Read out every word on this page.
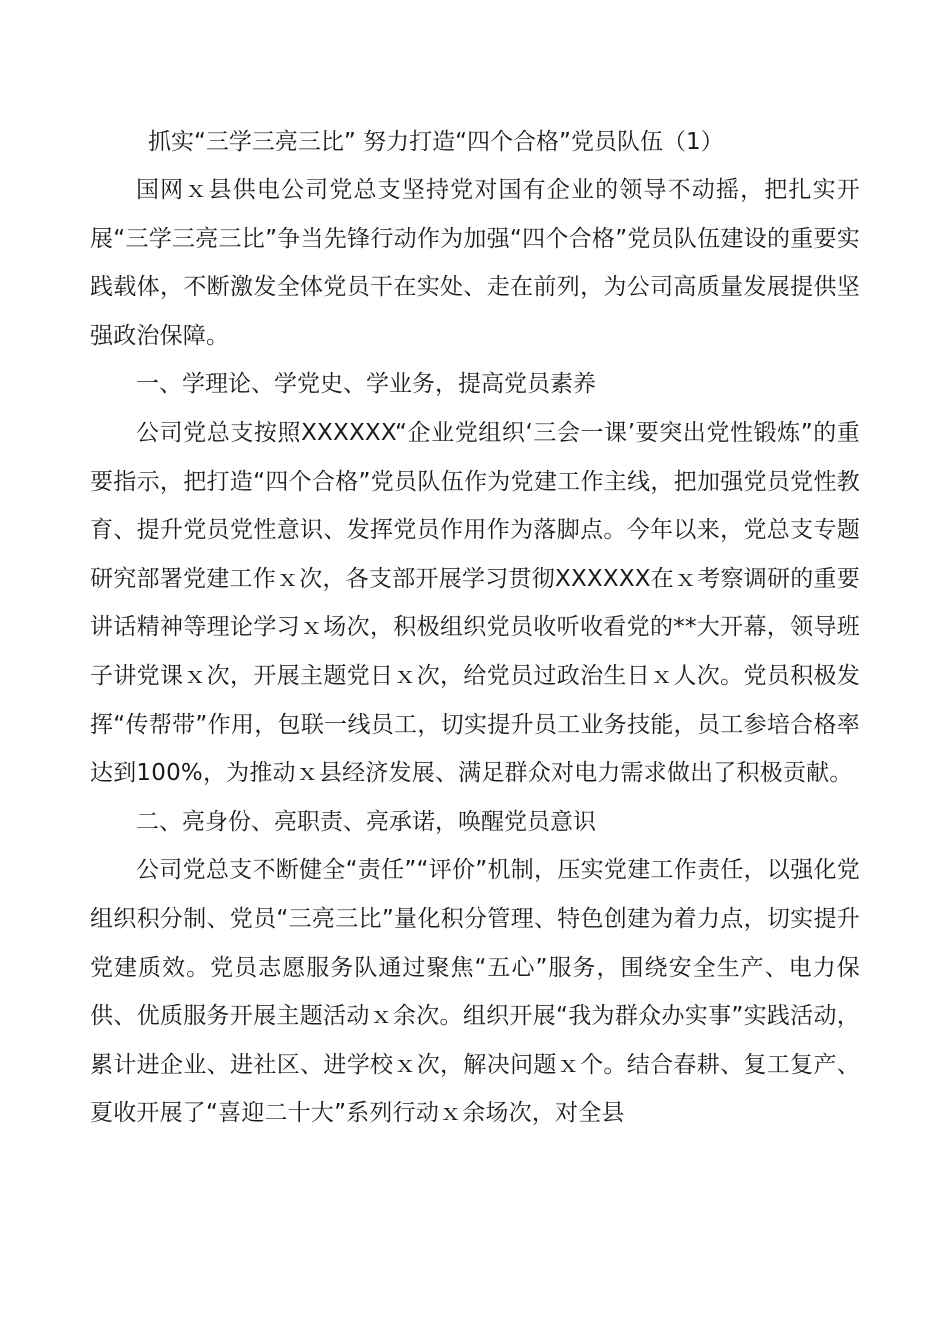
抓实“三学三亮三比” 努力打造“四个合格”党员队伍（1）

国网ｘ县供电公司党总支坚持党对国有企业的领导不动摇，把扎实开展“三学三亮三比”争当先锋行动作为加强“四个合格”党员队伍建设的重要实践载体，不断激发全体党员干在实处、走在前列，为公司高质量发展提供坚强政治保障。

一、学理论、学党史、学业务，提高党员素养

公司党总支按照XXXXXX“企业党组织‘三会一课’要突出党性锻炼”的重要指示，把打造“四个合格”党员队伍作为党建工作主线，把加强党员党性教育、提升党员党性意识、发挥党员作用作为落脚点。今年以来，党总支专题研究部署党建工作ｘ次，各支部开展学习贯彻XXXXXX在ｘ考察调研的重要讲话精神等理论学习ｘ场次，积极组织党员收听收看党的**大开幕，领导班子讲党课ｘ次，开展主题党日ｘ次，给党员过政治生日ｘ人次。党员积极发挥“传帮带”作用，包联一线员工，切实提升员工业务技能，员工参培合格率达到100%，为推动ｘ县经济发展、满足群众对电力需求做出了积极贡献。

二、亮身份、亮职责、亮承诺，唤醒党员意识

公司党总支不断健全“责任”“评价”机制，压实党建工作责任，以强化党组织积分制、党员“三亮三比”量化积分管理、特色创建为着力点，切实提升党建质效。党员志愿服务队通过聚焦“五心”服务，围绕安全生产、电力保供、优质服务开展主题活动ｘ余次。组织开展“我为群众办实事”实践活动，累计进企业、进社区、进学校ｘ次，解决问题ｘ个。结合春耕、复工复产、夏收开展了“喜迎二十大”系列行动ｘ余场次，对全县
